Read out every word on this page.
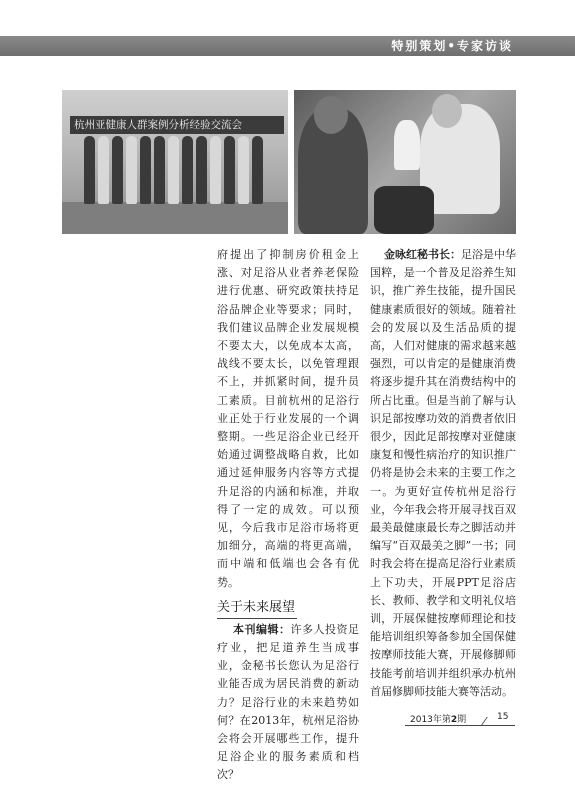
特别策划•专家访谈
杭州亚健康人群案例分析经验交流会

府提出了抑制房价租金上涨、对足浴从业者养老保险进行优惠、研究政策扶持足浴品牌企业等要求；同时，我们建议品牌企业发展规模不要太大，以免成本太高，战线不要太长，以免管理跟不上，并抓紧时间，提升员工素质。目前杭州的足浴行业正处于行业发展的一个调整期。一些足浴企业已经开始通过调整战略自救，比如通过延伸服务内容等方式提升足浴的内涵和标准，并取得了一定的成效。可以预见，今后我市足浴市场将更加细分，高端的将更高端，而中端和低端也会各有优势。

关于未来展望

本刊编辑：许多人投资足疗业，把足道养生当成事业，金秘书长您认为足浴行业能否成为居民消费的新动力？足浴行业的未来趋势如何？在2013年，杭州足浴协会将会开展哪些工作，提升足浴企业的服务素质和档次？

金咏红秘书长：足浴是中华国粹，是一个普及足浴养生知识，推广养生技能，提升国民健康素质很好的领域。随着社会的发展以及生活品质的提高，人们对健康的需求越来越强烈，可以肯定的是健康消费将逐步提升其在消费结构中的所占比重。但是当前了解与认识足部按摩功效的消费者依旧很少，因此足部按摩对亚健康康复和慢性病治疗的知识推广仍将是协会未来的主要工作之一。为更好宣传杭州足浴行业，今年我会将开展寻找百双最美最健康最长寿之脚活动并编写“百双最美之脚”一书；同时我会将在提高足浴行业素质上下功夫，开展PPT足浴店长、教师、教学和文明礼仪培训，开展保健按摩师理论和技能培训组织筹备参加全国保健按摩师技能大赛，开展修脚师技能考前培训并组织承办杭州首届修脚师技能大赛等活动。

2013年第2期	15
